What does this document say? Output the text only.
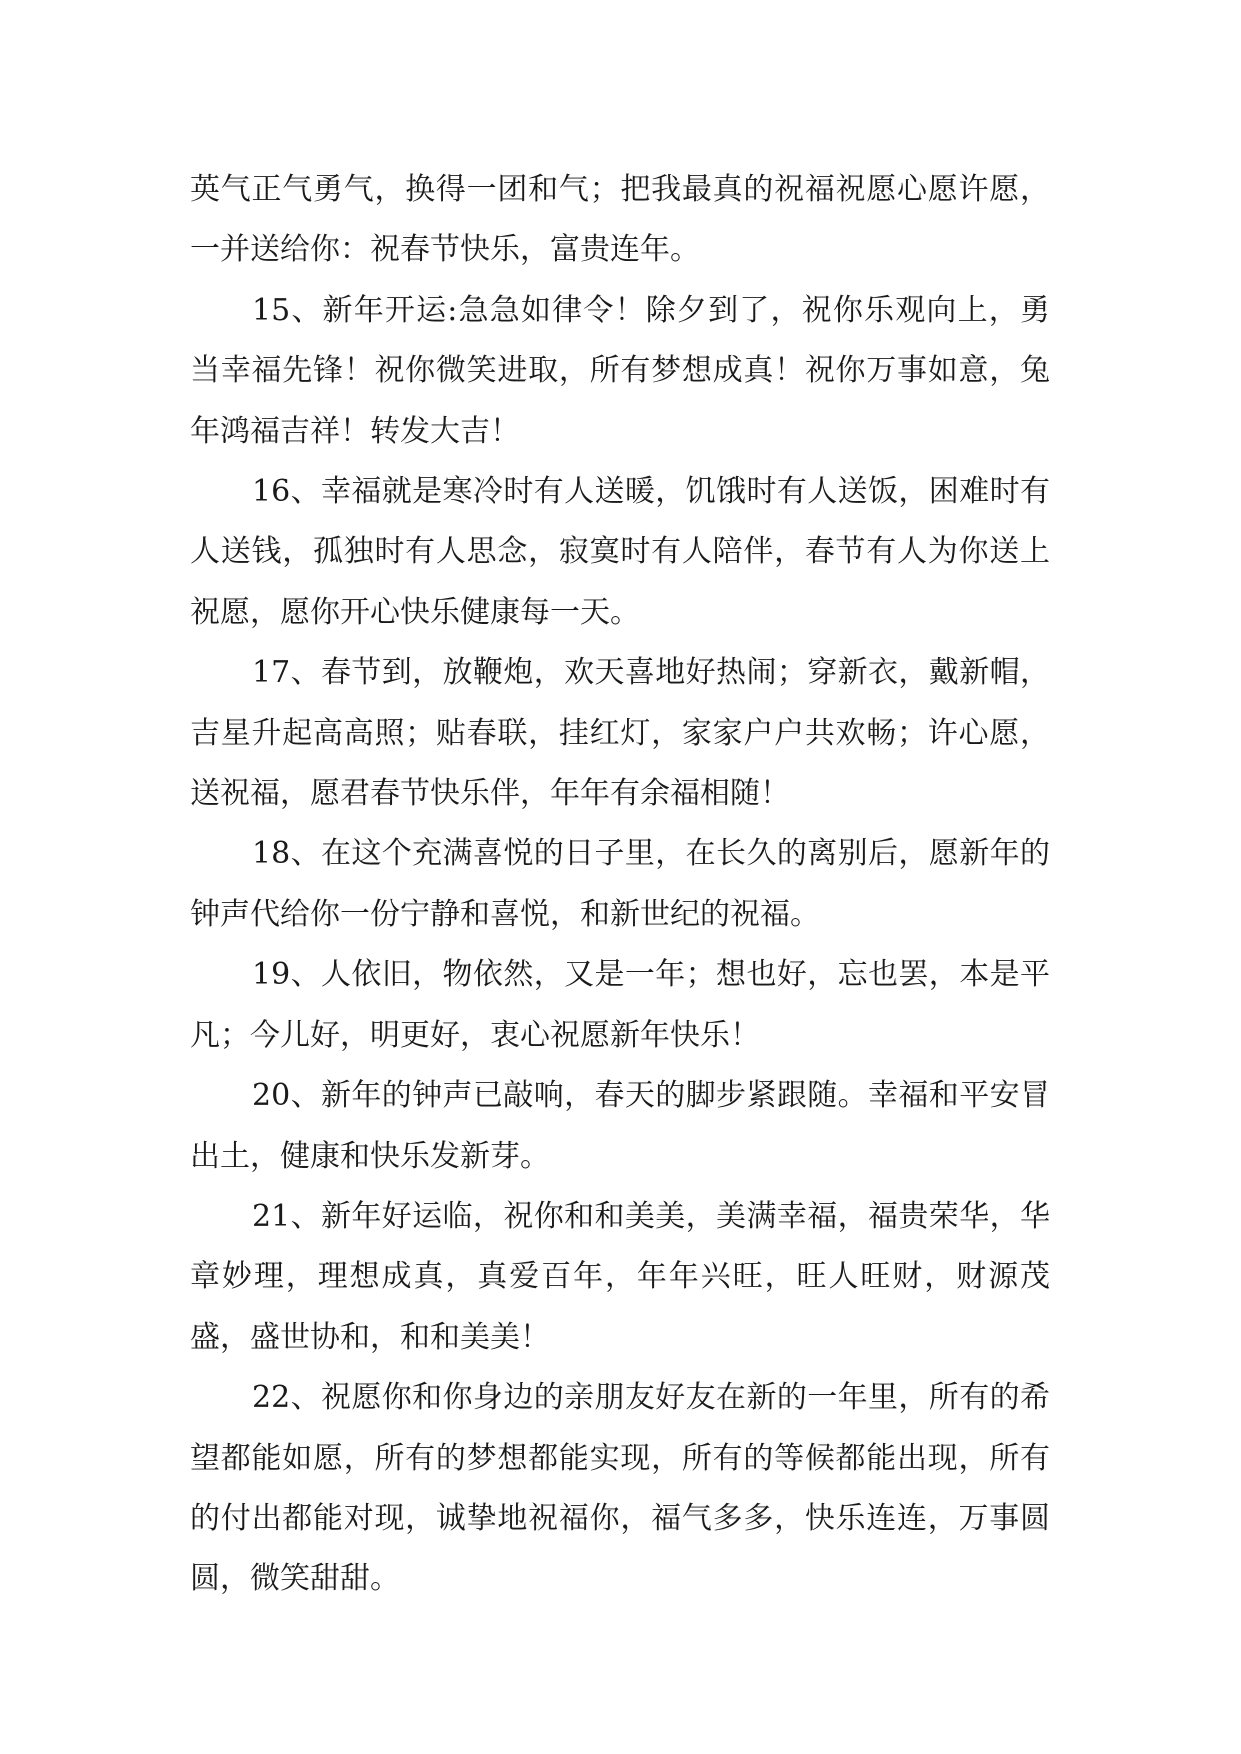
英气正气勇气，换得一团和气；把我最真的祝福祝愿心愿许愿，一并送给你：祝春节快乐，富贵连年。

15、新年开运:急急如律令！除夕到了，祝你乐观向上，勇当幸福先锋！祝你微笑进取，所有梦想成真！祝你万事如意，兔年鸿福吉祥！转发大吉！

16、幸福就是寒冷时有人送暖，饥饿时有人送饭，困难时有人送钱，孤独时有人思念，寂寞时有人陪伴，春节有人为你送上祝愿，愿你开心快乐健康每一天。

17、春节到，放鞭炮，欢天喜地好热闹；穿新衣，戴新帽，吉星升起高高照；贴春联，挂红灯，家家户户共欢畅；许心愿，送祝福，愿君春节快乐伴，年年有余福相随！

18、在这个充满喜悦的日子里，在长久的离别后，愿新年的钟声代给你一份宁静和喜悦，和新世纪的祝福。

19、人依旧，物依然，又是一年；想也好，忘也罢，本是平凡；今儿好，明更好，衷心祝愿新年快乐！

20、新年的钟声已敲响，春天的脚步紧跟随。幸福和平安冒出土，健康和快乐发新芽。

21、新年好运临，祝你和和美美，美满幸福，福贵荣华，华章妙理，理想成真，真爱百年，年年兴旺，旺人旺财，财源茂盛，盛世协和，和和美美！

22、祝愿你和你身边的亲朋友好友在新的一年里，所有的希望都能如愿，所有的梦想都能实现，所有的等候都能出现，所有的付出都能对现，诚挚地祝福你，福气多多，快乐连连，万事圆圆，微笑甜甜。
